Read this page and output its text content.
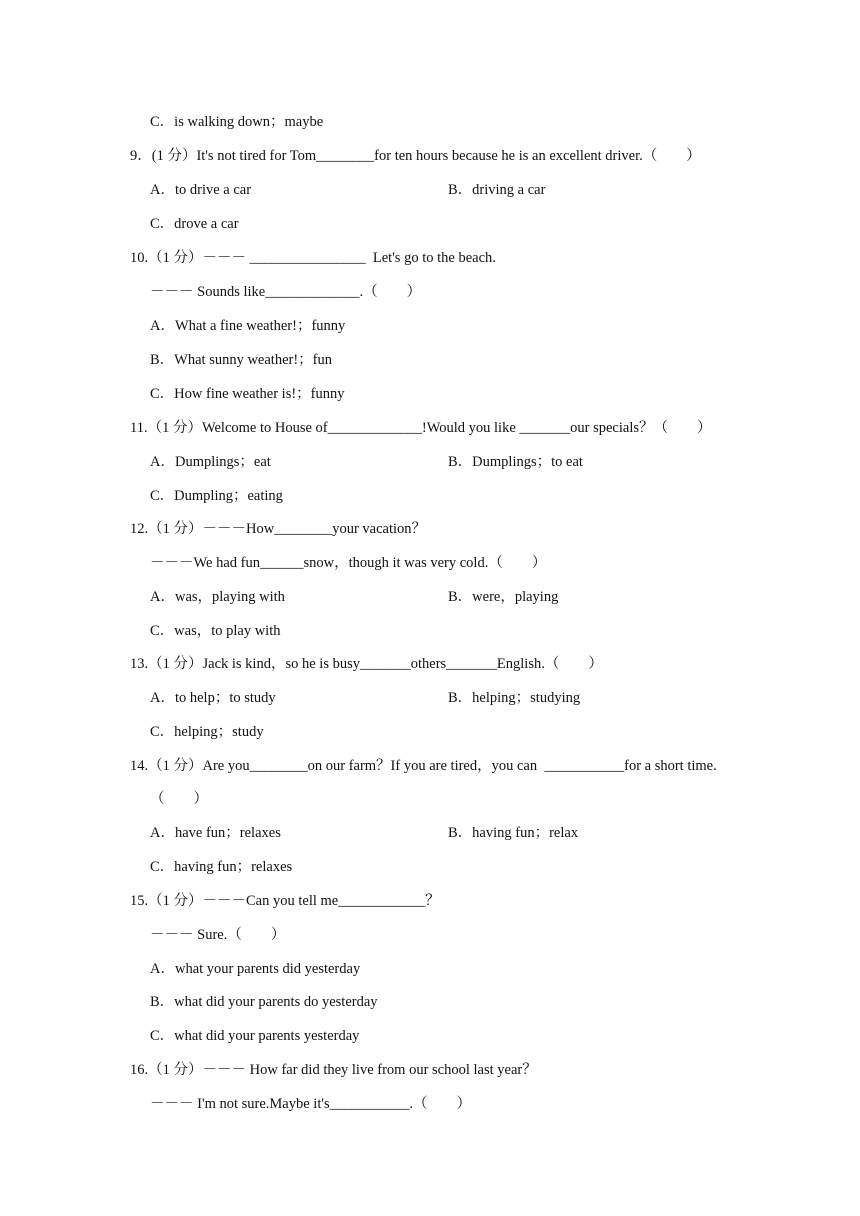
C．is walking down；maybe
9．(1 分）It's not tired for Tom________for ten hours because he is an excellent driver.（　　）
A．to drive a car	B．driving a car
C．drove a car
10.（1 分）－－－ ________________  Let's go to the beach.
－－－ Sounds like_____________.（　　）
A．What a fine weather!；funny
B．What sunny weather!；fun
C．How fine weather is!；funny
11.（1 分）Welcome to House of_____________!Would you like _______our specials？（　　）
A．Dumplings；eat	B．Dumplings；to eat
C．Dumpling；eating
12.（1 分）－－－How________your vacation？
－－－We had fun______snow，though it was very cold.（　　）
A．was，playing with	B．were，playing
C．was，to play with
13.（1 分）Jack is kind，so he is busy_______others_______English.（　　）
A．to help；to study	B．helping；studying
C．helping；study
14.（1 分）Are you________on our farm？If you are tired，you can  ___________for a short time.
（　　）
A．have fun；relaxes	B．having fun；relax
C．having fun；relaxes
15.（1 分）－－－Can you tell me____________？
－－－ Sure.（　　）
A．what your parents did yesterday
B．what did your parents do yesterday
C．what did your parents yesterday
16.（1 分）－－－ How far did they live from our school last year？
－－－ I'm not sure.Maybe it's___________.（　　）
